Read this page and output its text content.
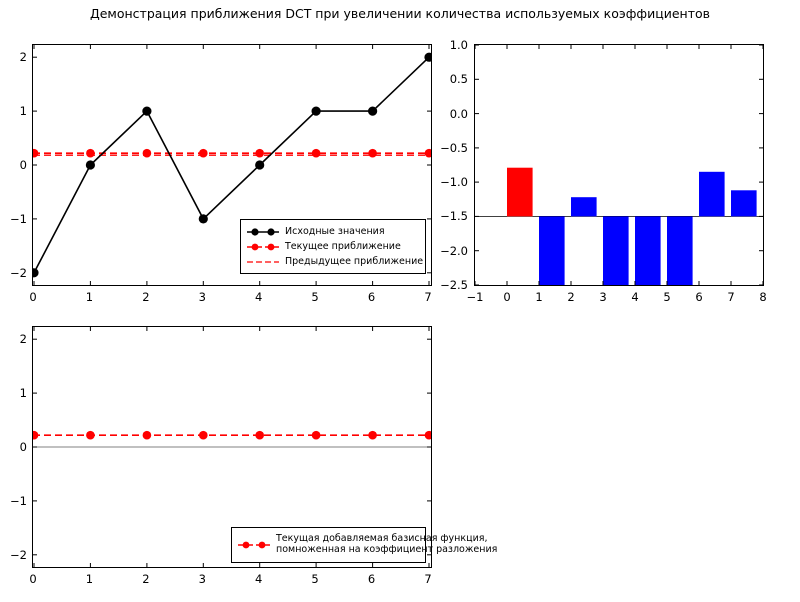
Демонстрация приближения DCT при увеличении количества используемых коэффициентов
0	1	2	3	4	5	6	7
−2
−1
0
1
2
Исходные значения
Текущее приближение
Предыдущее приближение
−1 0 1 2 3 4 5 6 7 8
−2.5
−2.0
−1.5
−1.0
−0.5
0.0
0.5
1.0
0	1	2	3	4	5	6	7
−2
−1
0
1
2
Текущая добавляемая базисная функция,
помноженная на коэффициент разложения
